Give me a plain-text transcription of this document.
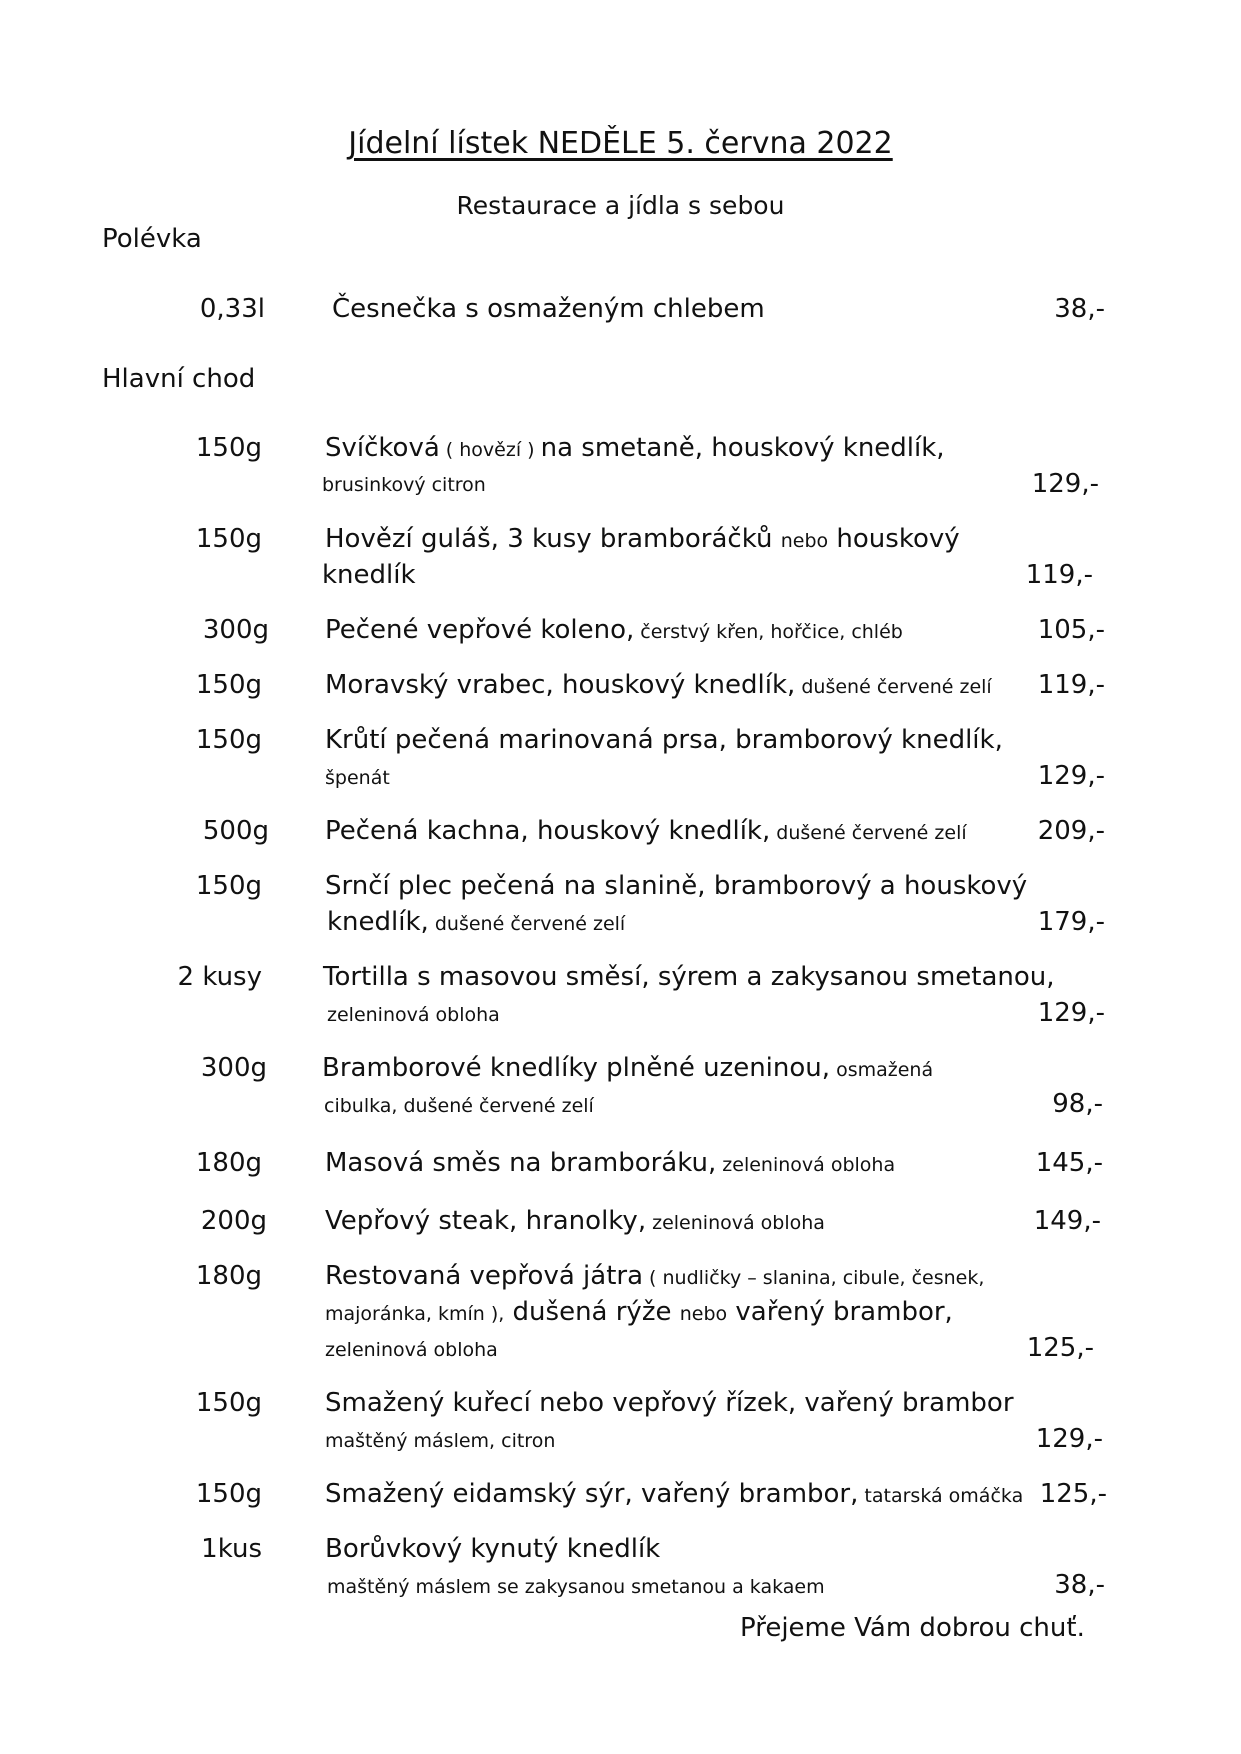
Jídelní lístek NEDĚLE 5. června 2022
Restaurace a jídla s sebou
Polévka
0,33l	Česnečka s osmaženým chlebem	38,-
Hlavní chod
150g Svíčková ( hovězí ) na smetaně, houskový knedlík,
brusinkový citron	129,-
150g Hovězí guláš, 3 kusy bramboráčků nebo houskový
knedlík	119,-
300g Pečené vepřové koleno, čerstvý křen, hořčice, chléb	105,-
150g Moravský vrabec, houskový knedlík, dušené červené zelí	119,-
150g Krůtí pečená marinovaná prsa, bramborový knedlík,
špenát	129,-
500g Pečená kachna, houskový knedlík, dušené červené zelí	209,-
150g Srnčí plec pečená na slanině, bramborový a houskový
knedlík, dušené červené zelí	179,-
2 kusy Tortilla s masovou směsí, sýrem a zakysanou smetanou,
zeleninová obloha	129,-
300g Bramborové knedlíky plněné uzeninou, osmažená
cibulka, dušené červené zelí	98,-
180g Masová směs na bramboráku, zeleninová obloha	145,-
200g Vepřový steak, hranolky, zeleninová obloha	149,-
180g Restovaná vepřová játra ( nudličky – slanina, cibule, česnek,
majoránka, kmín ), dušená rýže nebo vařený brambor,
zeleninová obloha	125,-
150g Smažený kuřecí nebo vepřový řízek, vařený brambor
maštěný máslem, citron	129,-
150g Smažený eidamský sýr, vařený brambor, tatarská omáčka 125,-
1kus Borůvkový kynutý knedlík
maštěný máslem se zakysanou smetanou a kakaem	38,-
Přejeme Vám dobrou chuť.
